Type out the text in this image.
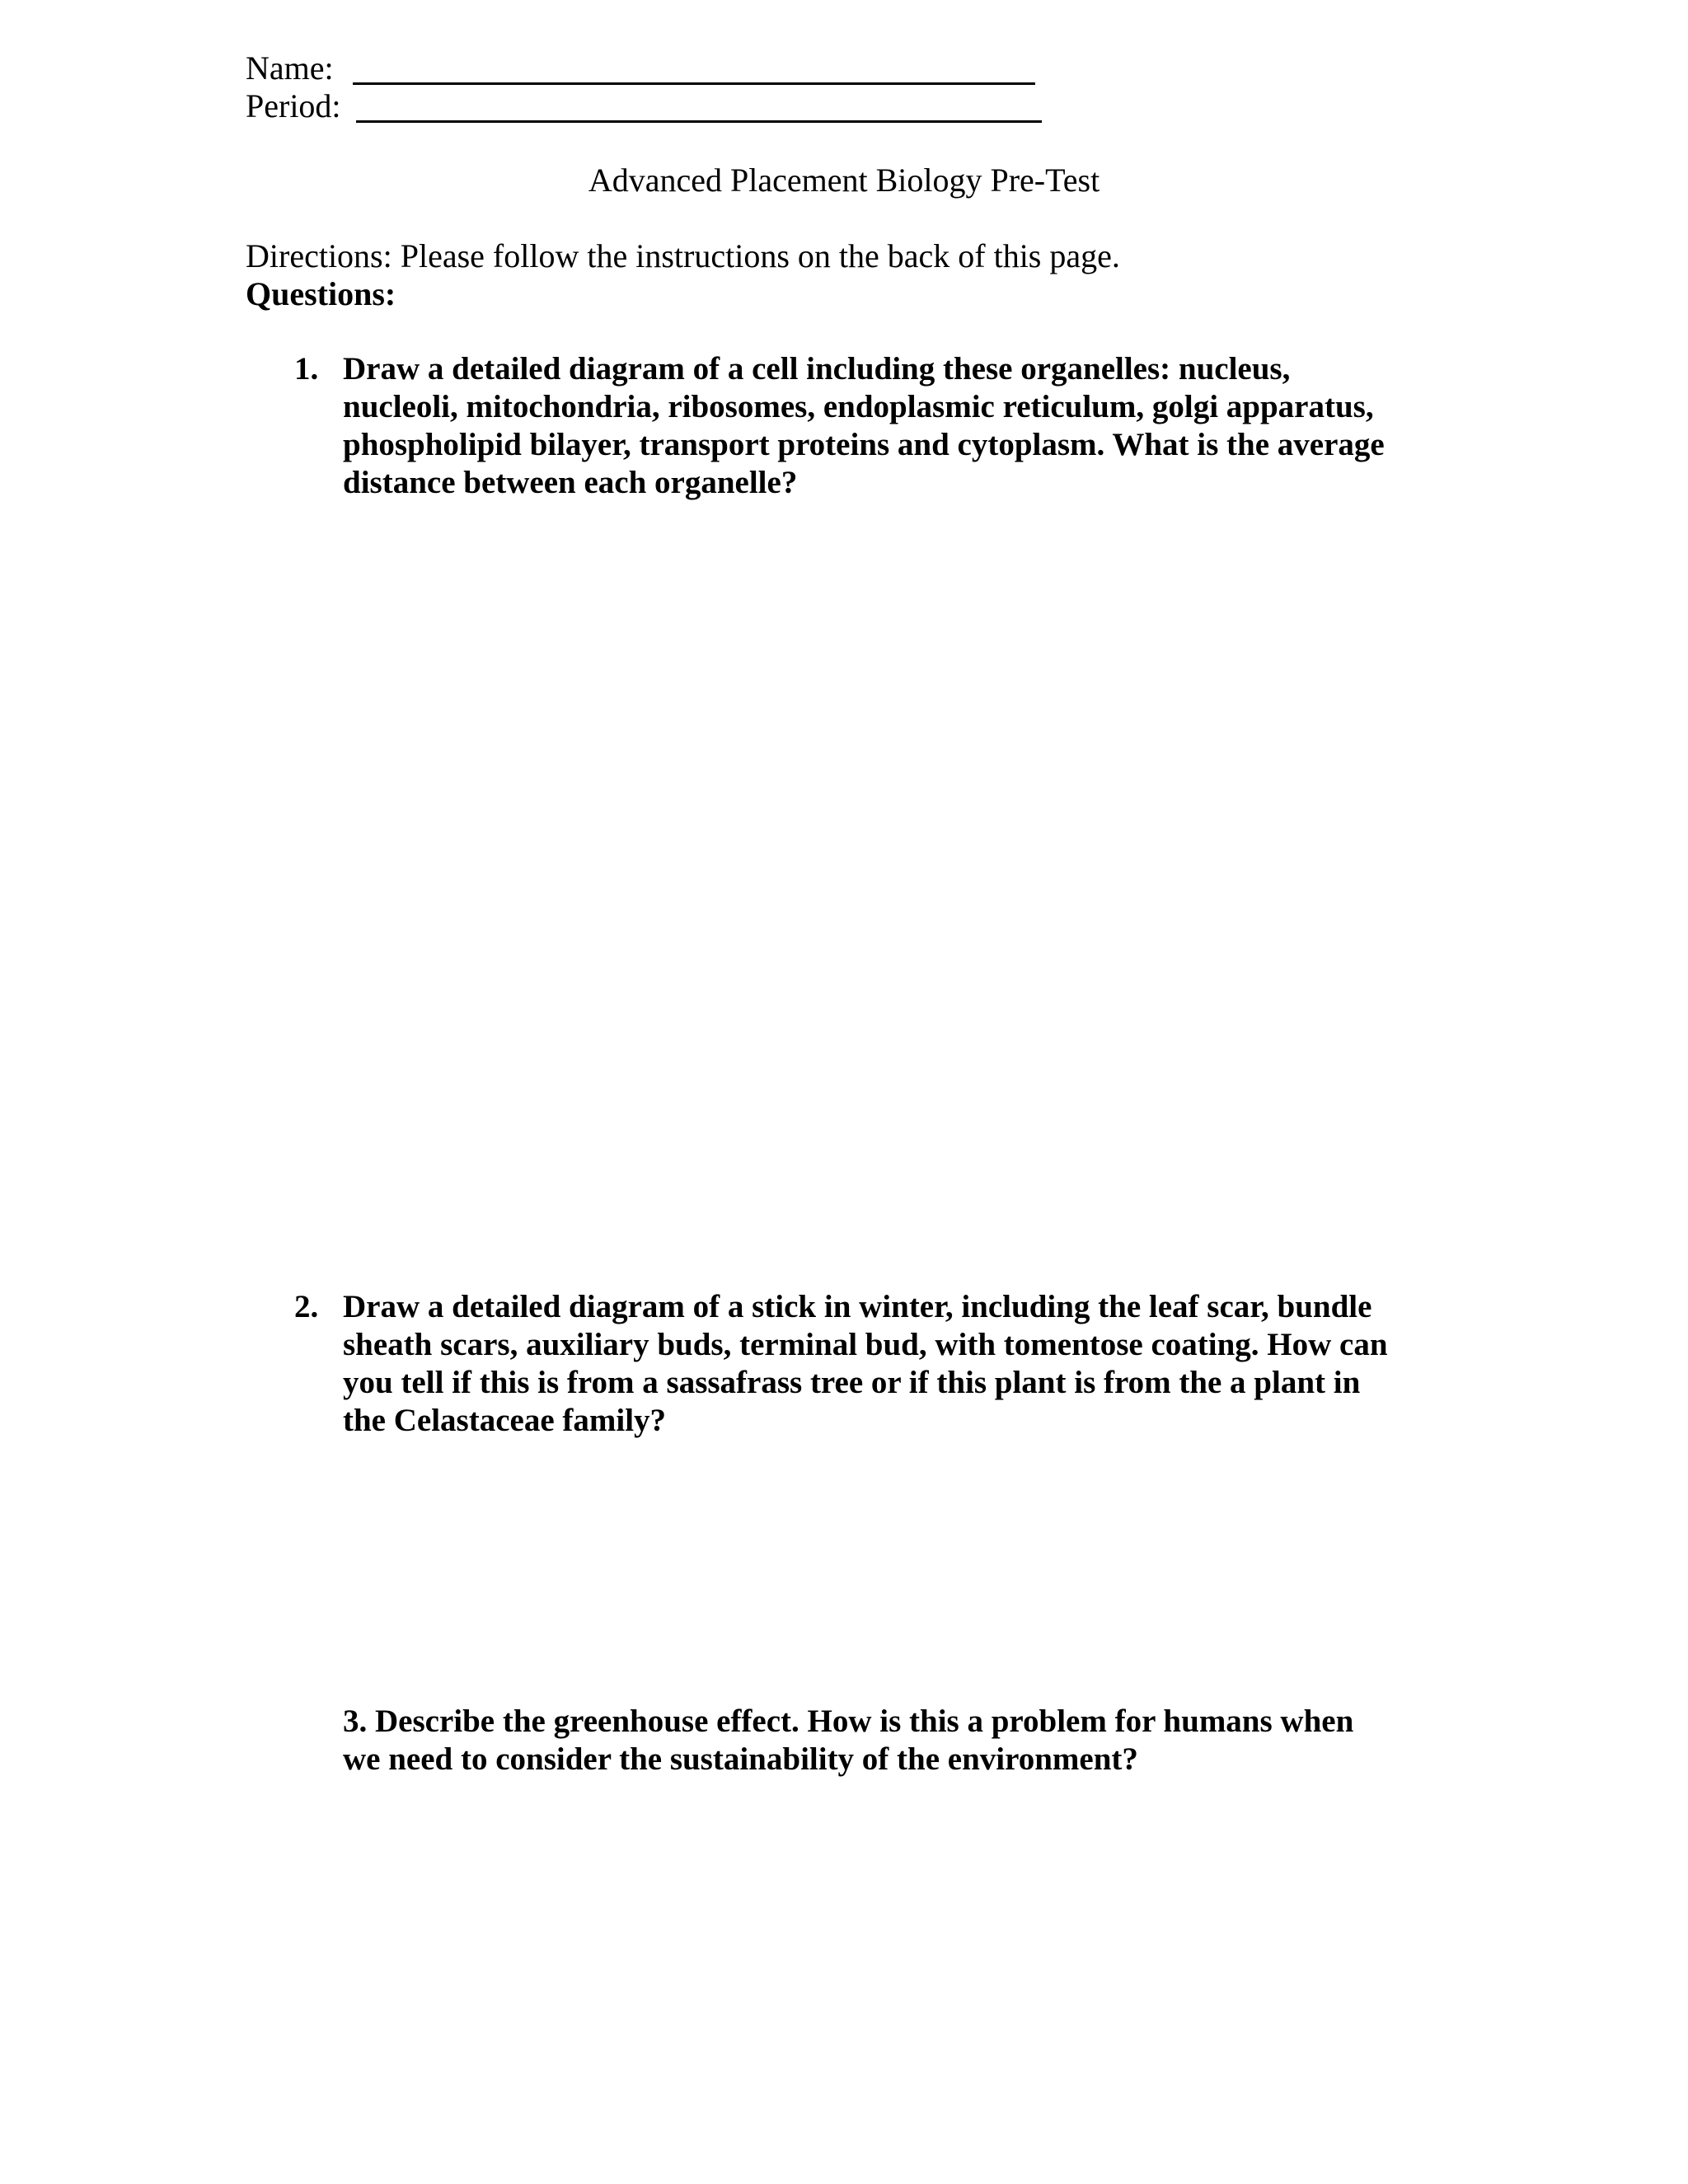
Name:
Period:
Advanced Placement Biology Pre-Test
Directions: Please follow the instructions on the back of this page.
Questions:
1. Draw a detailed diagram of a cell including these organelles: nucleus,
nucleoli, mitochondria, ribosomes, endoplasmic reticulum, golgi apparatus,
phospholipid bilayer, transport proteins and cytoplasm. What is the average
distance between each organelle?
2. Draw a detailed diagram of a stick in winter, including the leaf scar, bundle
sheath scars, auxiliary buds, terminal bud, with tomentose coating. How can
you tell if this is from a sassafrass tree or if this plant is from the a plant in
the Celastaceae family?
3. Describe the greenhouse effect. How is this a problem for humans when
we need to consider the sustainability of the environment?
